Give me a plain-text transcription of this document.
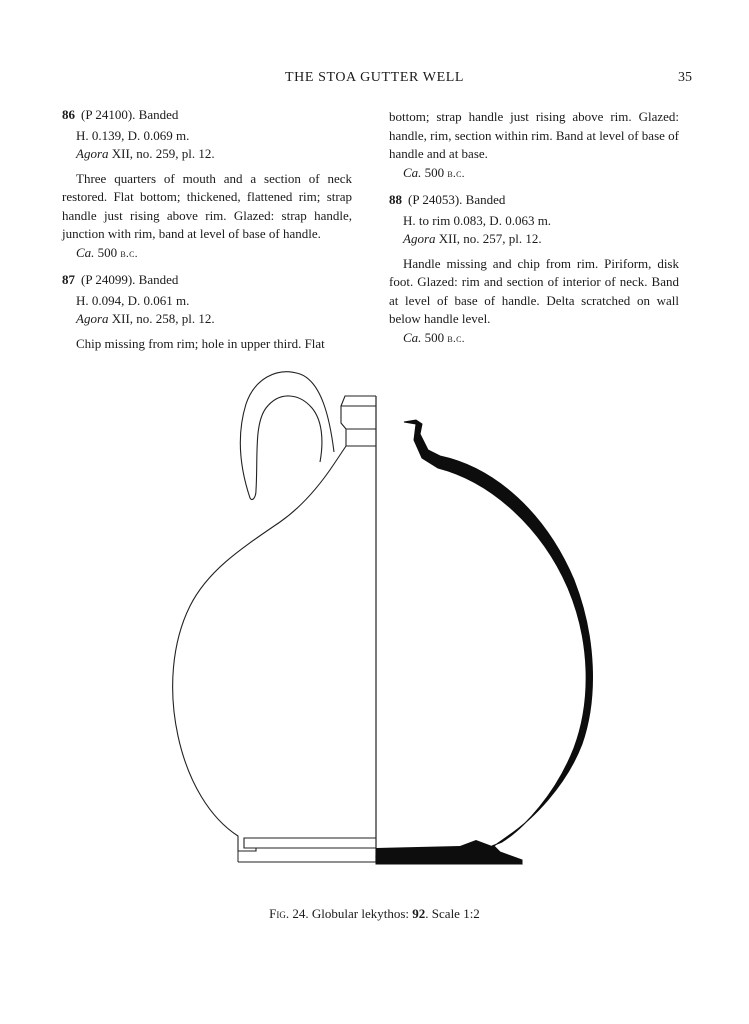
THE STOA GUTTER WELL	35

86 (P 24100). Banded

H. 0.139, D. 0.069 m.

Agora XII, no. 259, pl. 12.

Three quarters of mouth and a section of neck restored. Flat bottom; thickened, flattened rim; strap handle just rising above rim. Glazed: strap handle, junction with rim, band at level of base of handle.

Ca. 500 b.c.

87 (P 24099). Banded

H. 0.094, D. 0.061 m.

Agora XII, no. 258, pl. 12.

Chip missing from rim; hole in upper third. Flat

bottom; strap handle just rising above rim. Glazed: handle, rim, section within rim. Band at level of base of handle and at base.

Ca. 500 b.c.

88 (P 24053). Banded

H. to rim 0.083, D. 0.063 m.

Agora XII, no. 257, pl. 12.

Handle missing and chip from rim. Piriform, disk foot. Glazed: rim and section of interior of neck. Band at level of base of handle. Delta scratched on wall below handle level.

Ca. 500 b.c.

Fig. 24. Globular lekythos: 92. Scale 1:2
